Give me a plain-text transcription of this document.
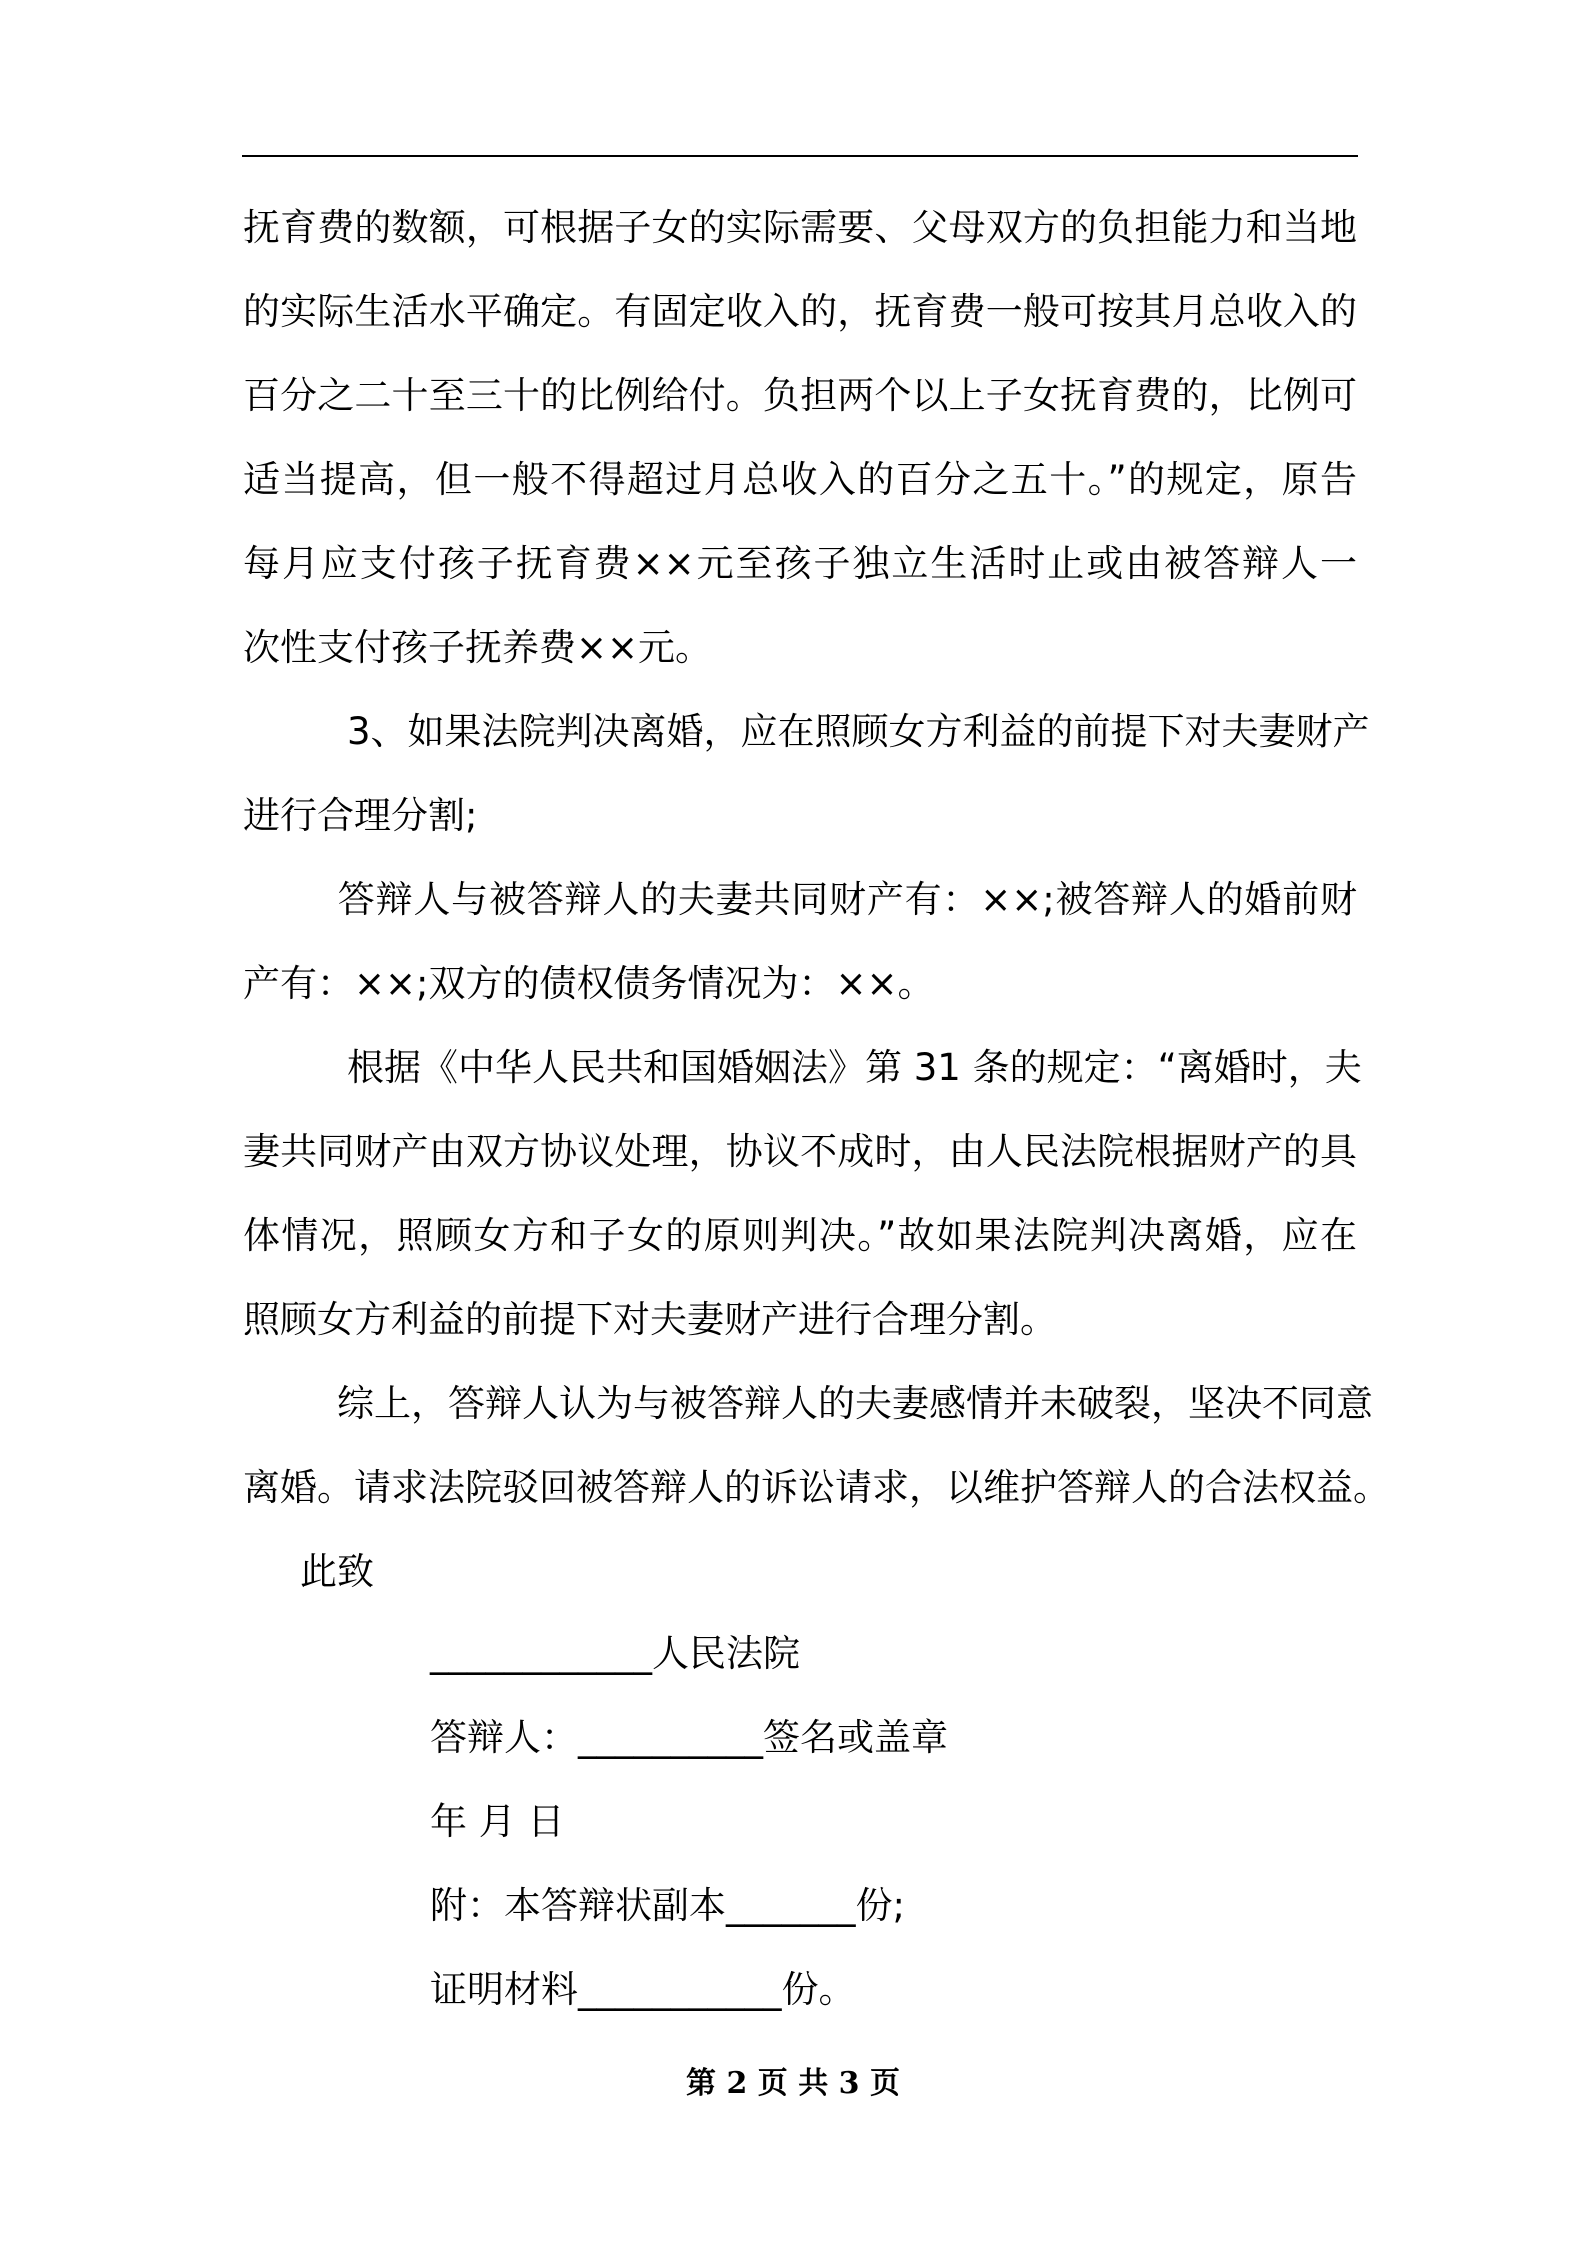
抚育费的数额，可根据子女的实际需要、父母双方的负担能力和当地
的实际生活水平确定。有固定收入的，抚育费一般可按其月总收入的
百分之二十至三十的比例给付。负担两个以上子女抚育费的，比例可
适当提高，但一般不得超过月总收入的百分之五十。”的规定，原告
每月应支付孩子抚育费××元至孩子独立生活时止或由被答辩人一
次性支付孩子抚养费××元。
　3、如果法院判决离婚，应在照顾女方利益的前提下对夫妻财产
进行合理分割;
　答辩人与被答辩人的夫妻共同财产有：××;被答辩人的婚前财
产有：××;双方的债权债务情况为：××。
　根据《中华人民共和国婚姻法》第 31 条的规定：“离婚时，夫
妻共同财产由双方协议处理，协议不成时，由人民法院根据财产的具
体情况，照顾女方和子女的原则判决。”故如果法院判决离婚，应在
照顾女方利益的前提下对夫妻财产进行合理分割。
　综上，答辩人认为与被答辩人的夫妻感情并未破裂，坚决不同意
离婚。请求法院驳回被答辩人的诉讼请求，以维护答辩人的合法权益。
此致
____________人民法院
答辩人：__________签名或盖章
年 月 日
附：本答辩状副本_______份;
证明材料___________份。
第 2 页 共 3 页
